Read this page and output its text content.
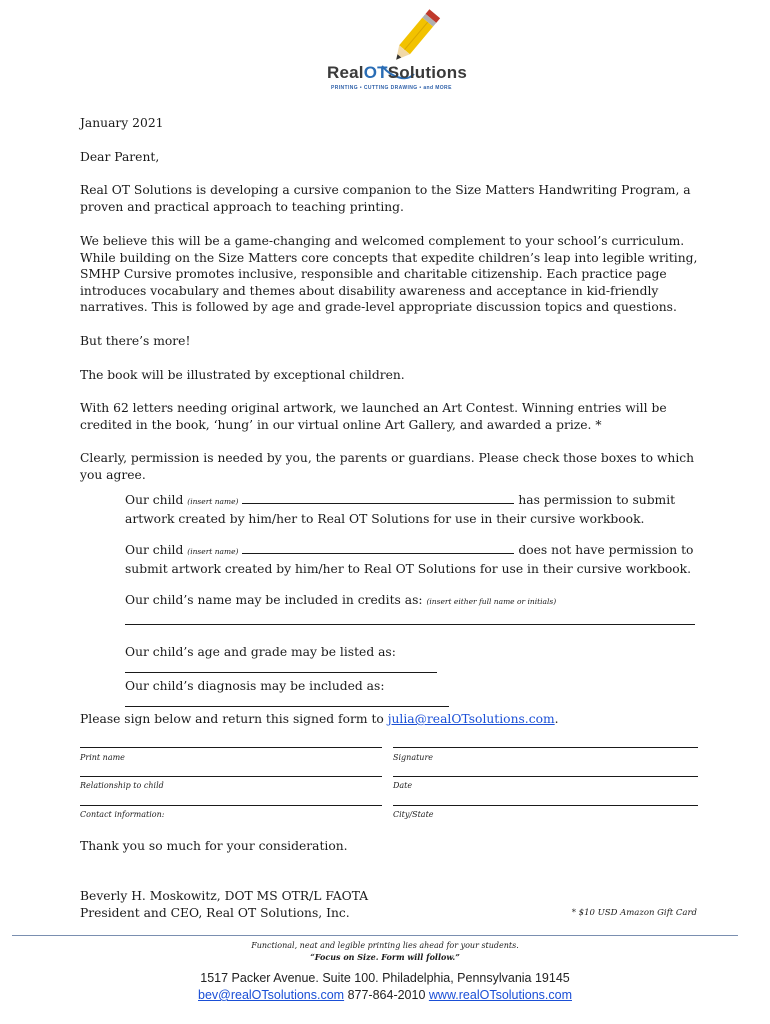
RealOTSolutions
PRINTING • CUTTING DRAWING • and MORE
January 2021
Dear Parent,

Real OT Solutions is developing a cursive companion to the Size Matters Handwriting Program, a proven and practical approach to teaching printing.

We believe this will be a game-changing and welcomed complement to your school’s curriculum. While building on the Size Matters core concepts that expedite children’s leap into legible writing, SMHP Cursive promotes inclusive, responsible and charitable citizenship. Each practice page introduces vocabulary and themes about disability awareness and acceptance in kid-friendly narratives. This is followed by age and grade-level appropriate discussion topics and questions.

But there’s more!

The book will be illustrated by exceptional children.

With 62 letters needing original artwork, we launched an Art Contest. Winning entries will be credited in the book, ‘hung’ in our virtual online Art Gallery, and awarded a prize. *

Clearly, permission is needed by you, the parents or guardians. Please check those boxes to which you agree.

Our child (insert name)	has permission to submit
artwork created by him/her to Real OT Solutions for use in their cursive workbook.
Our child (insert name)	does not have permission to
submit artwork created by him/her to Real OT Solutions for use in their cursive workbook.
Our child’s name may be included in credits as: (insert either full name or initials)
Our child’s age and grade may be listed as:
Our child’s diagnosis may be included as:
Please sign below and return this signed form to julia@realOTsolutions.com.
Print name	Signature
Relationship to child	Date
Contact information:	City/State
Thank you so much for your consideration.
Beverly H. Moskowitz, DOT MS OTR/L FAOTA
President and CEO, Real OT Solutions, Inc.	* $10 USD Amazon Gift Card
Functional, neat and legible printing lies ahead for your students.
“Focus on Size. Form will follow.”
1517 Packer Avenue. Suite 100. Philadelphia, Pennsylvania 19145
bev@realOTsolutions.com 877-864-2010 www.realOTsolutions.com
